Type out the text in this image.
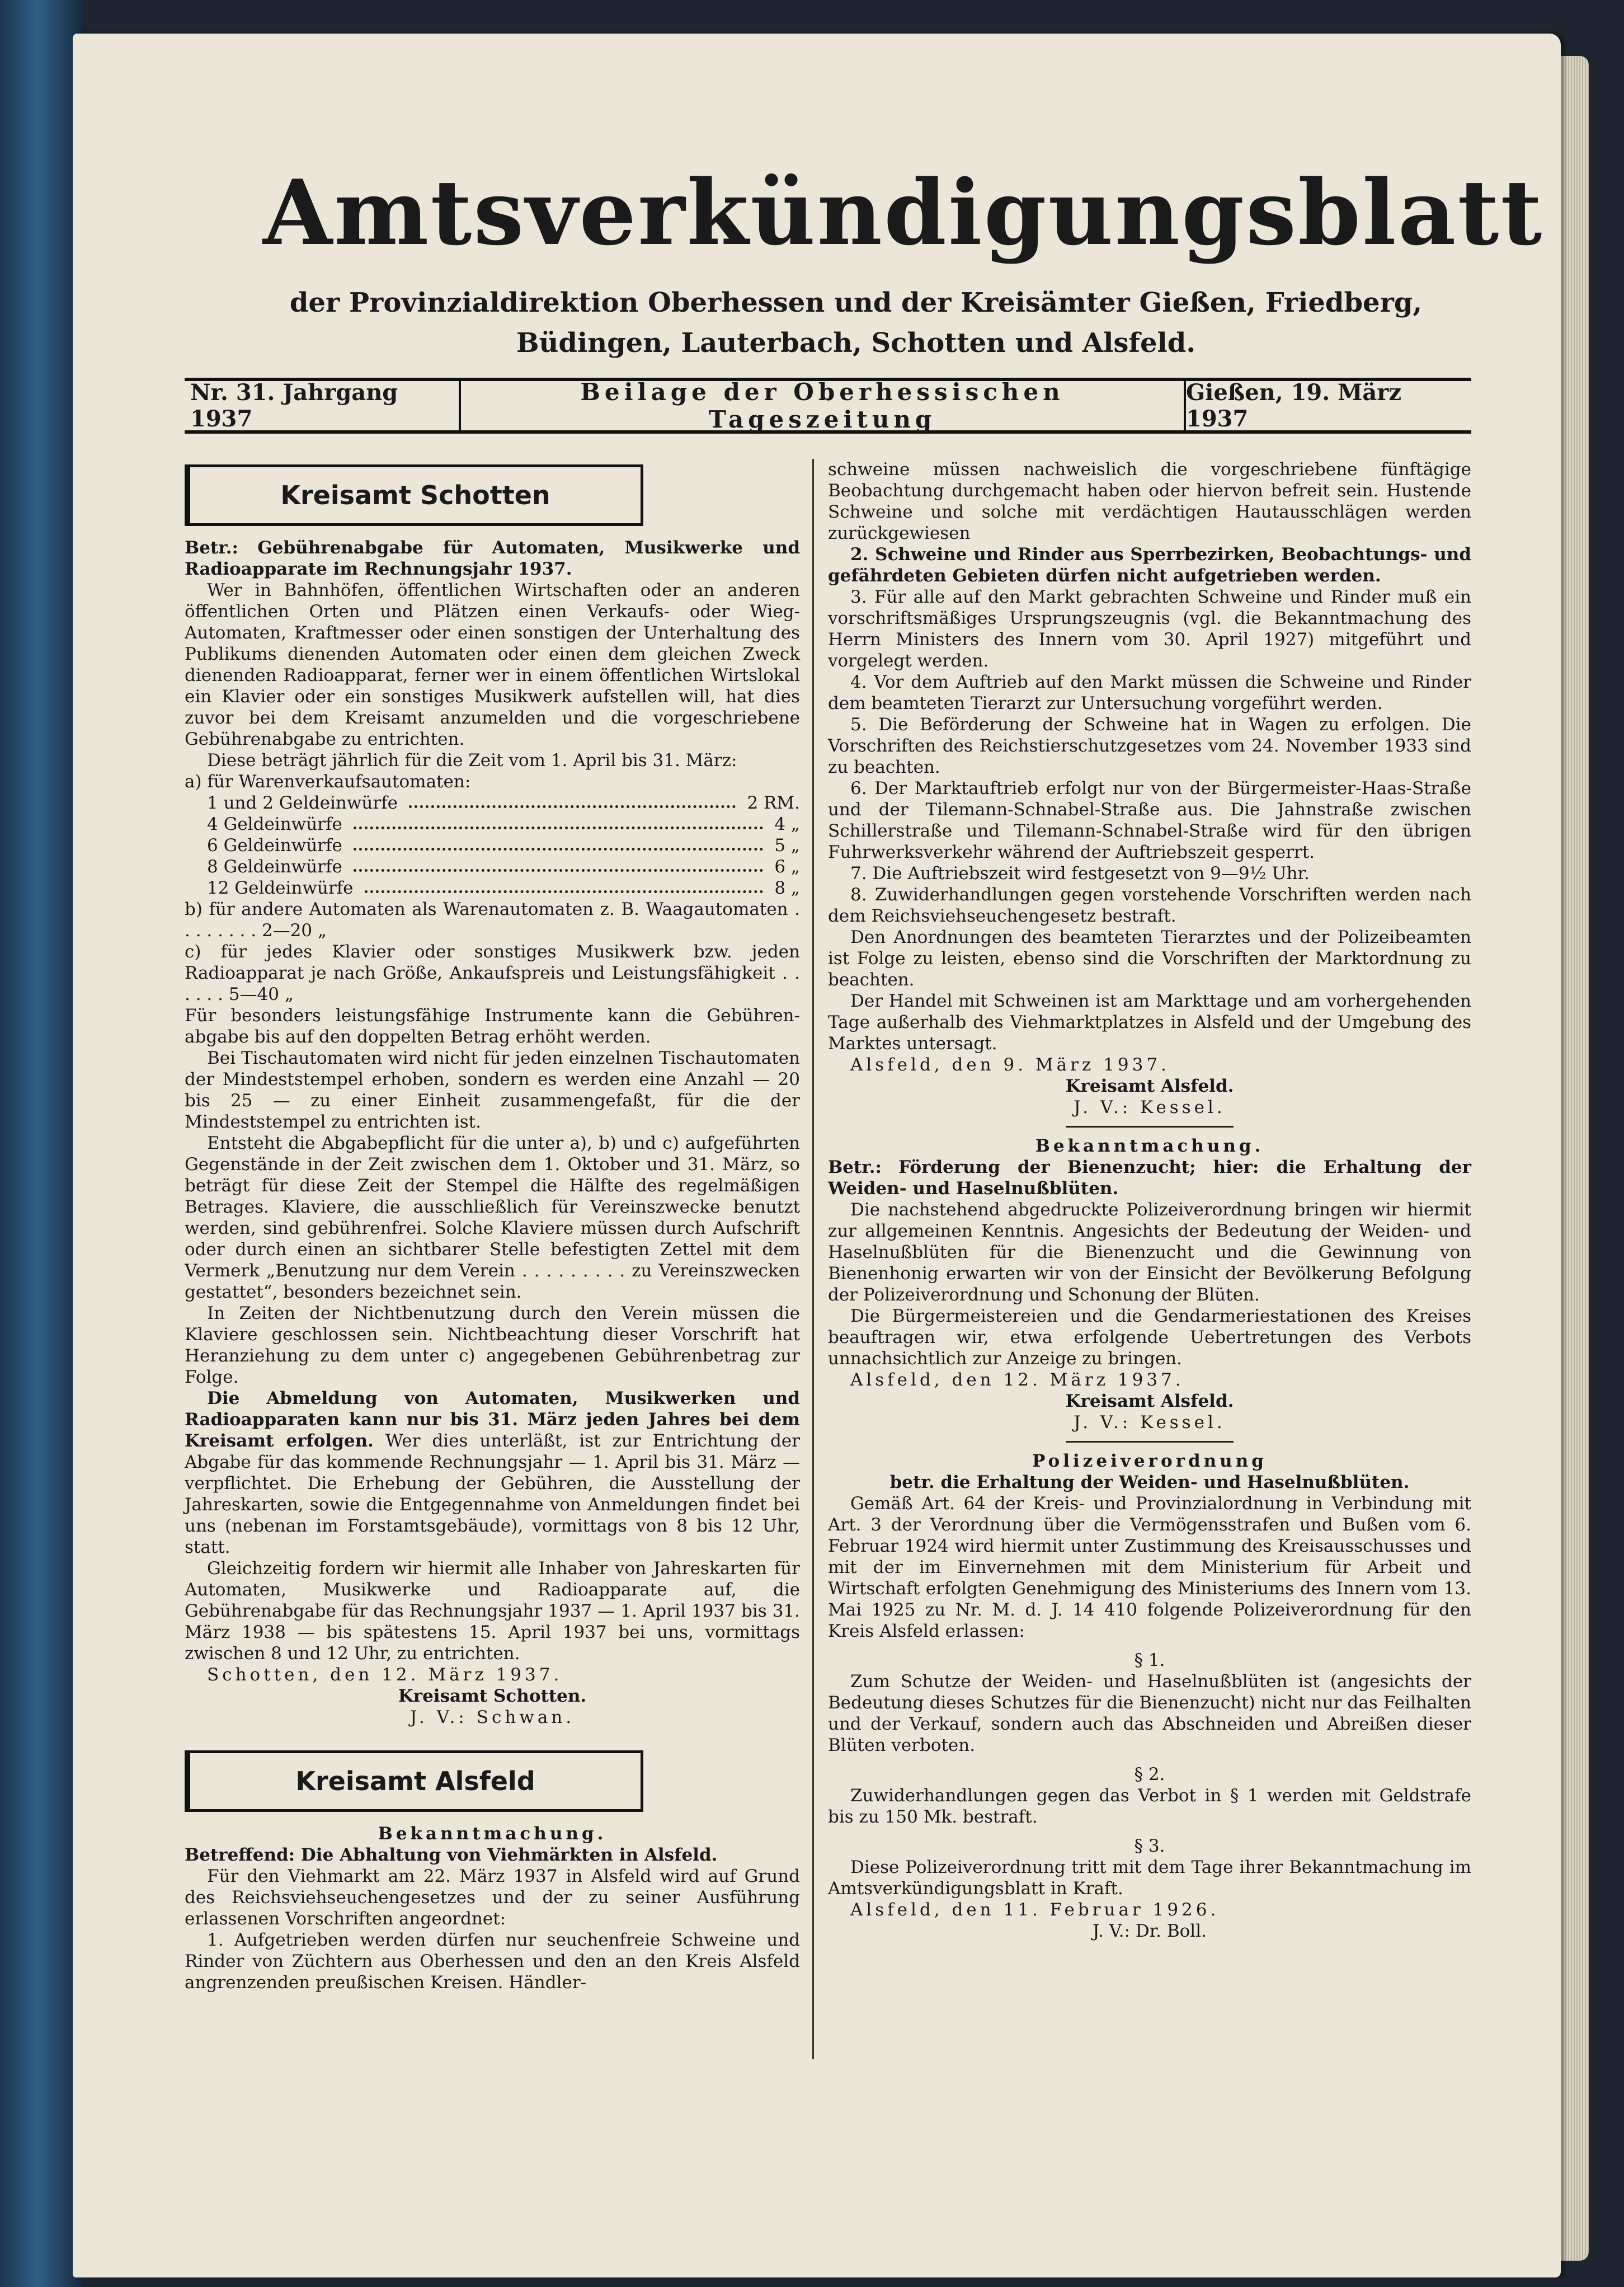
Amtsverkündigungsblatt
der Provinzialdirektion Oberhessen und der Kreisämter Gießen, Friedberg, Büdingen, Lauterbach, Schotten und Alsfeld.
Nr. 31. Jahrgang 1937
Beilage der Oberhessischen Tageszeitung
Gießen, 19. März 1937
Kreisamt Schotten

Betr.: Gebührenabgabe für Automaten, Musikwerke und Radioapparate im Rechnungsjahr 1937.

Wer in Bahnhöfen, öffentlichen Wirtschaften oder an anderen öffentlichen Orten und Plätzen einen Verkaufs- oder Wieg-Automaten, Kraftmesser oder einen sonstigen der Unterhaltung des Publikums dienenden Automaten oder einen dem gleichen Zweck dienenden Radioapparat, ferner wer in einem öffentlichen Wirtslokal ein Klavier oder ein sonstiges Musikwerk aufstellen will, hat dies zuvor bei dem Kreisamt anzumelden und die vorgeschriebene Gebührenabgabe zu entrichten.

Diese beträgt jährlich für die Zeit vom 1. April bis 31. März:

a) für Warenverkaufsautomaten:

1 und 2 Geldeinwürfe	2 RM.
4 Geldeinwürfe	4 „
6 Geldeinwürfe	5 „
8 Geldeinwürfe	6 „
12 Geldeinwürfe	8 „

b) für andere Automaten als Warenautomaten z. B. Waagautomaten . . . . . . . . 2—20 „

c) für jedes Klavier oder sonstiges Musikwerk bzw. jeden Radioapparat je nach Größe, Ankaufspreis und Leistungsfähigkeit . . . . . . 5—40 „

Für besonders leistungsfähige Instrumente kann die Gebühren-abgabe bis auf den doppelten Betrag erhöht werden.

Bei Tischautomaten wird nicht für jeden einzelnen Tischautomaten der Mindeststempel erhoben, sondern es werden eine Anzahl — 20 bis 25 — zu einer Einheit zusammengefaßt, für die der Mindeststempel zu entrichten ist.

Entsteht die Abgabepflicht für die unter a), b) und c) aufgeführten Gegenstände in der Zeit zwischen dem 1. Oktober und 31. März, so beträgt für diese Zeit der Stempel die Hälfte des regelmäßigen Betrages. Klaviere, die ausschließlich für Vereinszwecke benutzt werden, sind gebührenfrei. Solche Klaviere müssen durch Aufschrift oder durch einen an sichtbarer Stelle befestigten Zettel mit dem Vermerk „Benutzung nur dem Verein . . . . . . . . . zu Vereinszwecken gestattet“, besonders bezeichnet sein.

In Zeiten der Nichtbenutzung durch den Verein müssen die Klaviere geschlossen sein. Nichtbeachtung dieser Vorschrift hat Heranziehung zu dem unter c) angegebenen Gebührenbetrag zur Folge.

Die Abmeldung von Automaten, Musikwerken und Radioapparaten kann nur bis 31. März jeden Jahres bei dem Kreisamt erfolgen. Wer dies unterläßt, ist zur Entrichtung der Abgabe für das kommende Rechnungsjahr — 1. April bis 31. März — verpflichtet. Die Erhebung der Gebühren, die Ausstellung der Jahreskarten, sowie die Entgegennahme von Anmeldungen findet bei uns (nebenan im Forstamtsgebäude), vormittags von 8 bis 12 Uhr, statt.

Gleichzeitig fordern wir hiermit alle Inhaber von Jahreskarten für Automaten, Musikwerke und Radioapparate auf, die Gebührenabgabe für das Rechnungsjahr 1937 — 1. April 1937 bis 31. März 1938 — bis spätestens 15. April 1937 bei uns, vormittags zwischen 8 und 12 Uhr, zu entrichten.

Schotten, den 12. März 1937.

Kreisamt Schotten.

J. V.: Schwan.

Kreisamt Alsfeld

Bekanntmachung.

Betreffend: Die Abhaltung von Viehmärkten in Alsfeld.

Für den Viehmarkt am 22. März 1937 in Alsfeld wird auf Grund des Reichsviehseuchengesetzes und der zu seiner Ausführung erlassenen Vorschriften angeordnet:

1. Aufgetrieben werden dürfen nur seuchenfreie Schweine und Rinder von Züchtern aus Oberhessen und den an den Kreis Alsfeld angrenzenden preußischen Kreisen. Händler-

schweine müssen nachweislich die vorgeschriebene fünftägige Beobachtung durchgemacht haben oder hiervon befreit sein. Hustende Schweine und solche mit verdächtigen Hautausschlägen werden zurückgewiesen

2. Schweine und Rinder aus Sperrbezirken, Beobachtungs- und gefährdeten Gebieten dürfen nicht aufgetrieben werden.

3. Für alle auf den Markt gebrachten Schweine und Rinder muß ein vorschriftsmäßiges Ursprungszeugnis (vgl. die Bekanntmachung des Herrn Ministers des Innern vom 30. April 1927) mitgeführt und vorgelegt werden.

4. Vor dem Auftrieb auf den Markt müssen die Schweine und Rinder dem beamteten Tierarzt zur Untersuchung vorgeführt werden.

5. Die Beförderung der Schweine hat in Wagen zu erfolgen. Die Vorschriften des Reichstierschutzgesetzes vom 24. November 1933 sind zu beachten.

6. Der Marktauftrieb erfolgt nur von der Bürgermeister-Haas-Straße und der Tilemann-Schnabel-Straße aus. Die Jahnstraße zwischen Schillerstraße und Tilemann-Schnabel-Straße wird für den übrigen Fuhrwerksverkehr während der Auftriebszeit gesperrt.

7. Die Auftriebszeit wird festgesetzt von 9—9½ Uhr.

8. Zuwiderhandlungen gegen vorstehende Vorschriften werden nach dem Reichsviehseuchengesetz bestraft.

Den Anordnungen des beamteten Tierarztes und der Polizeibeamten ist Folge zu leisten, ebenso sind die Vorschriften der Marktordnung zu beachten.

Der Handel mit Schweinen ist am Markttage und am vorhergehenden Tage außerhalb des Viehmarktplatzes in Alsfeld und der Umgebung des Marktes untersagt.

Alsfeld, den 9. März 1937.

Kreisamt Alsfeld.

J. V.: Kessel.

Bekanntmachung.

Betr.: Förderung der Bienenzucht; hier: die Erhaltung der Weiden- und Haselnußblüten.

Die nachstehend abgedruckte Polizeiverordnung bringen wir hiermit zur allgemeinen Kenntnis. Angesichts der Bedeutung der Weiden- und Haselnußblüten für die Bienenzucht und die Gewinnung von Bienenhonig erwarten wir von der Einsicht der Bevölkerung Befolgung der Polizeiverordnung und Schonung der Blüten.

Die Bürgermeistereien und die Gendarmeriestationen des Kreises beauftragen wir, etwa erfolgende Uebertretungen des Verbots unnachsichtlich zur Anzeige zu bringen.

Alsfeld, den 12. März 1937.

Kreisamt Alsfeld.

J. V.: Kessel.

Polizeiverordnung

betr. die Erhaltung der Weiden- und Haselnußblüten.

Gemäß Art. 64 der Kreis- und Provinzialordnung in Verbindung mit Art. 3 der Verordnung über die Vermögensstrafen und Bußen vom 6. Februar 1924 wird hiermit unter Zustimmung des Kreisausschusses und mit der im Einvernehmen mit dem Ministerium für Arbeit und Wirtschaft erfolgten Genehmigung des Ministeriums des Innern vom 13. Mai 1925 zu Nr. M. d. J. 14 410 folgende Polizeiverordnung für den Kreis Alsfeld erlassen:

§ 1.

Zum Schutze der Weiden- und Haselnußblüten ist (angesichts der Bedeutung dieses Schutzes für die Bienenzucht) nicht nur das Feilhalten und der Verkauf, sondern auch das Abschneiden und Abreißen dieser Blüten verboten.

§ 2.

Zuwiderhandlungen gegen das Verbot in § 1 werden mit Geldstrafe bis zu 150 Mk. bestraft.

§ 3.

Diese Polizeiverordnung tritt mit dem Tage ihrer Bekanntmachung im Amtsverkündigungsblatt in Kraft.

Alsfeld, den 11. Februar 1926.

J. V.: Dr. Boll.
